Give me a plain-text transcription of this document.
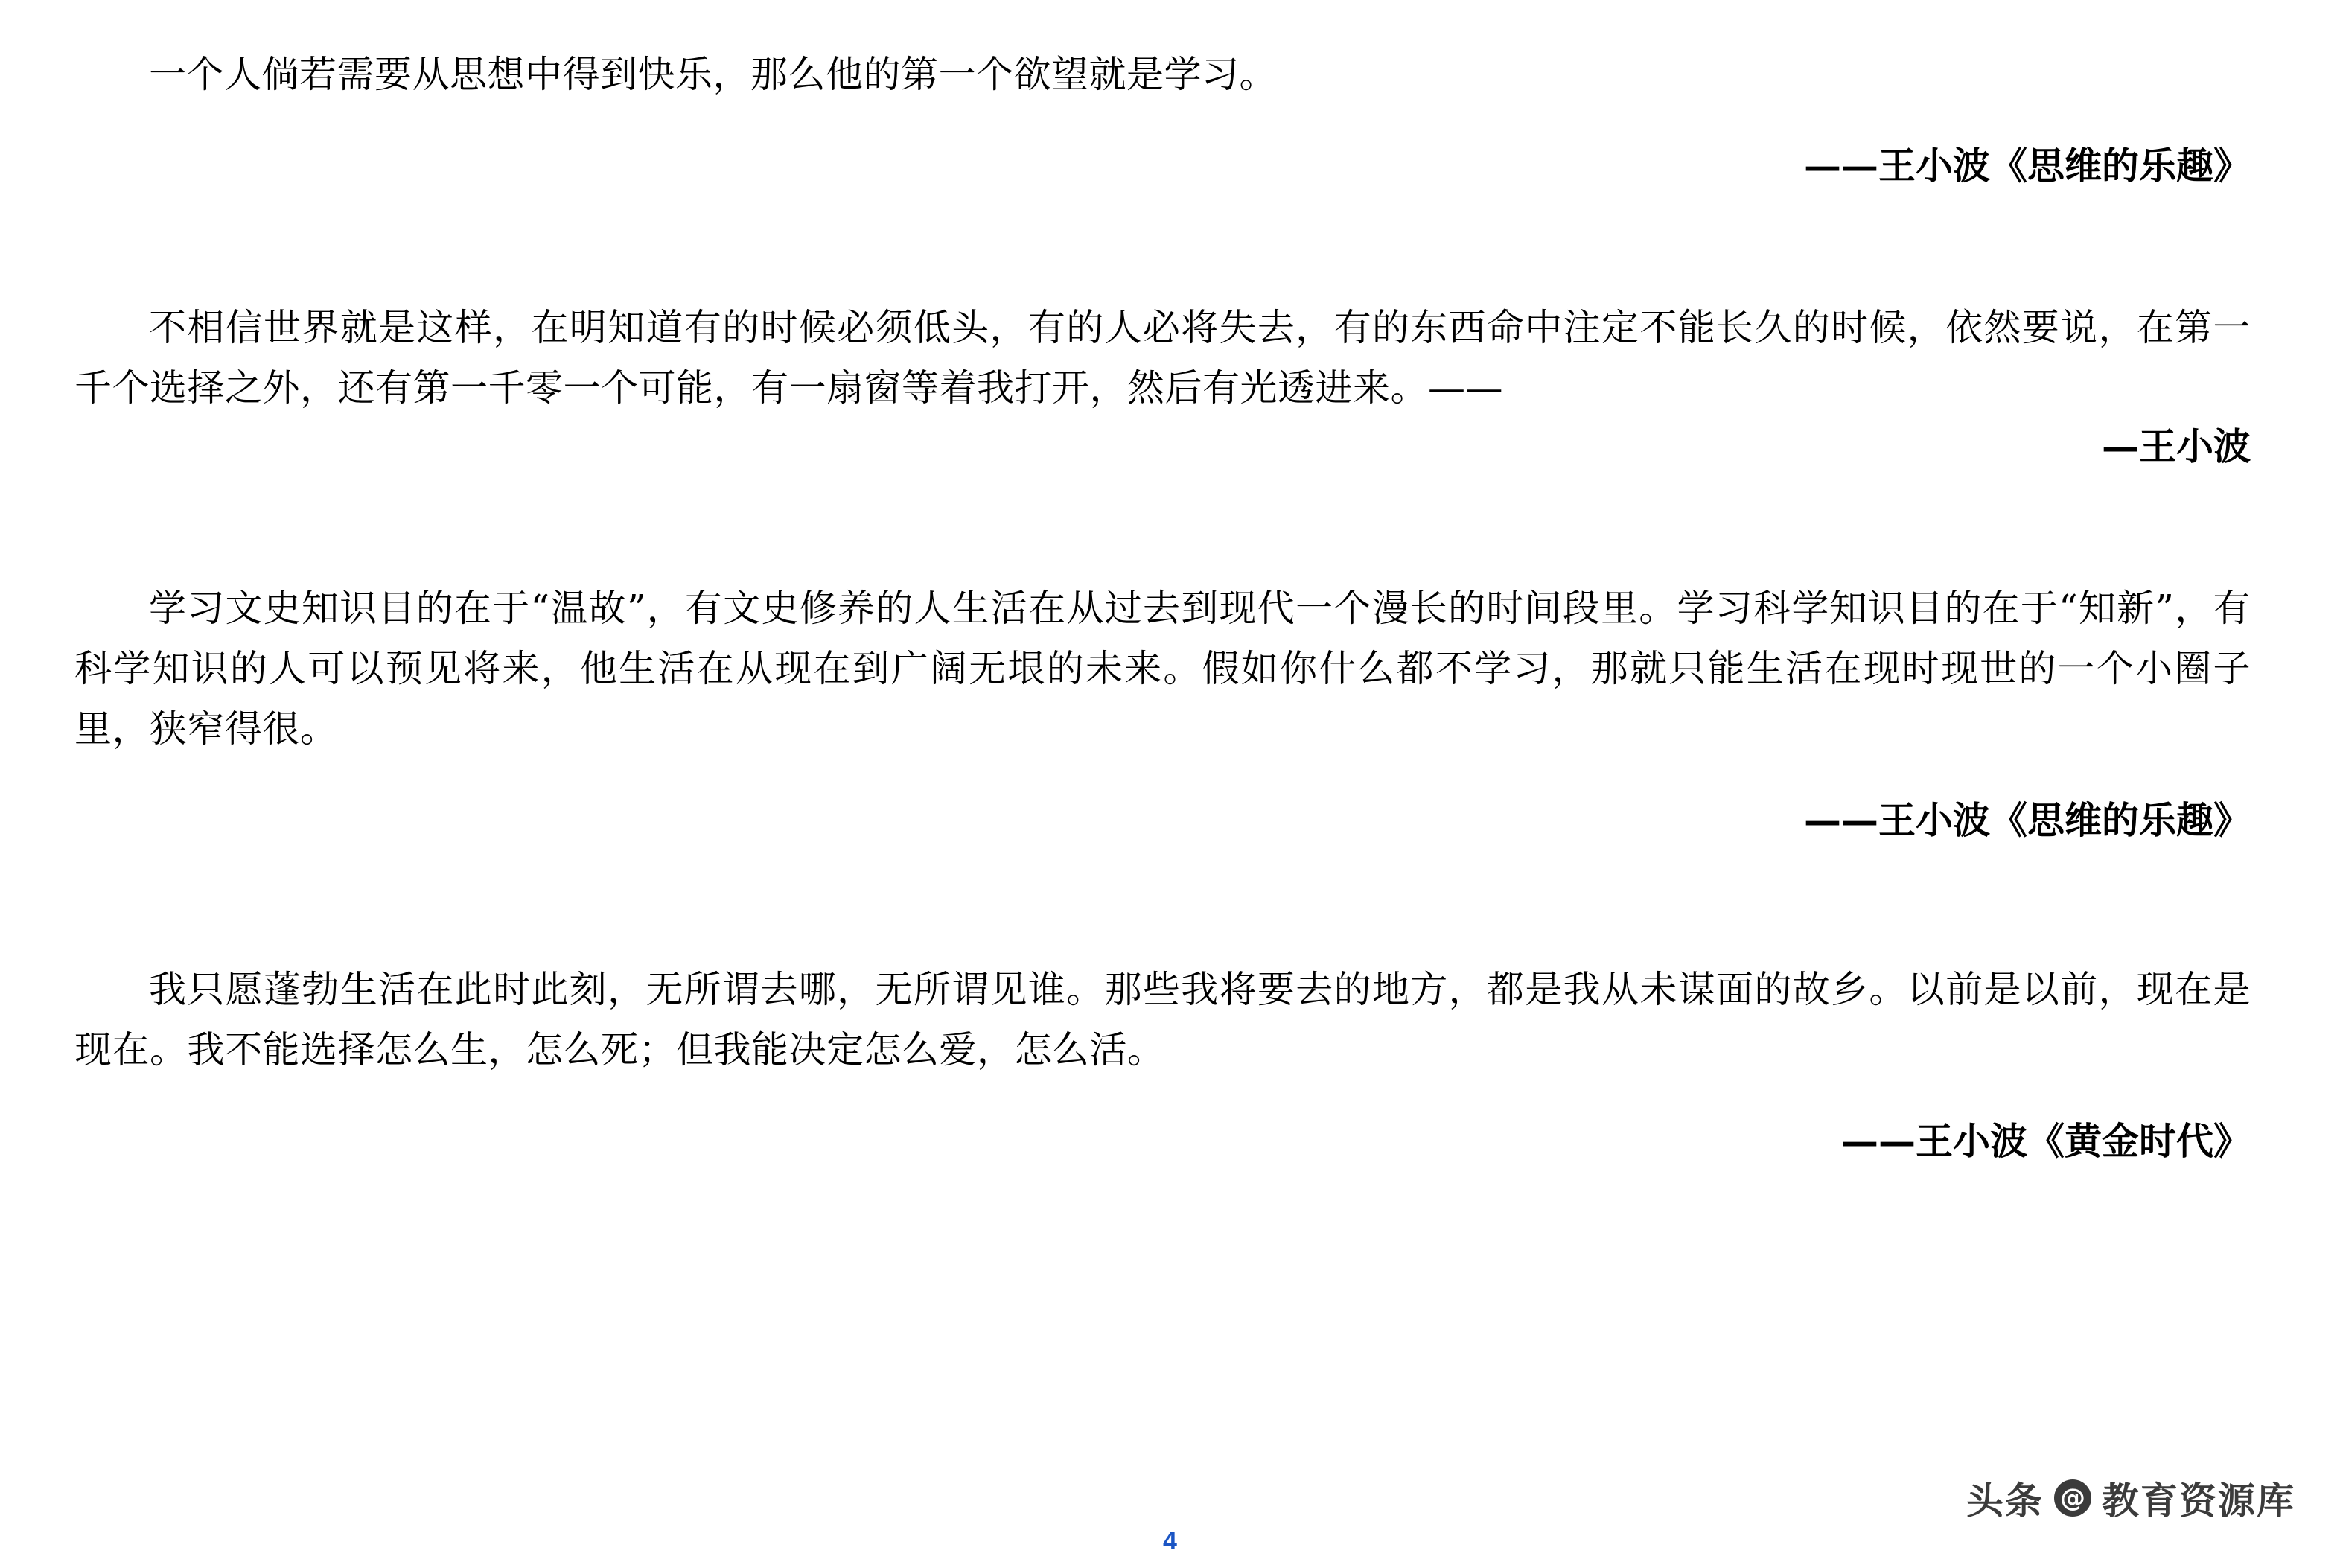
一个人倘若需要从思想中得到快乐，那么他的第一个欲望就是学习。

——王小波《思维的乐趣》

不相信世界就是这样，在明知道有的时候必须低头，有的人必将失去，有的东西命中注定不能长久的时候，依然要说，在第一千个选择之外，还有第一千零一个可能，有一扇窗等着我打开，然后有光透进来。——

—王小波

学习文史知识目的在于“温故”，有文史修养的人生活在从过去到现代一个漫长的时间段里。学习科学知识目的在于“知新”，有科学知识的人可以预见将来，他生活在从现在到广阔无垠的未来。假如你什么都不学习，那就只能生活在现时现世的一个小圈子里，狭窄得很。

——王小波《思维的乐趣》

我只愿蓬勃生活在此时此刻，无所谓去哪，无所谓见谁。那些我将要去的地方，都是我从未谋面的故乡。以前是以前，现在是现在。我不能选择怎么生，怎么死；但我能决定怎么爱，怎么活。

——王小波《黄金时代》

头条 @ 教育资源库
4
